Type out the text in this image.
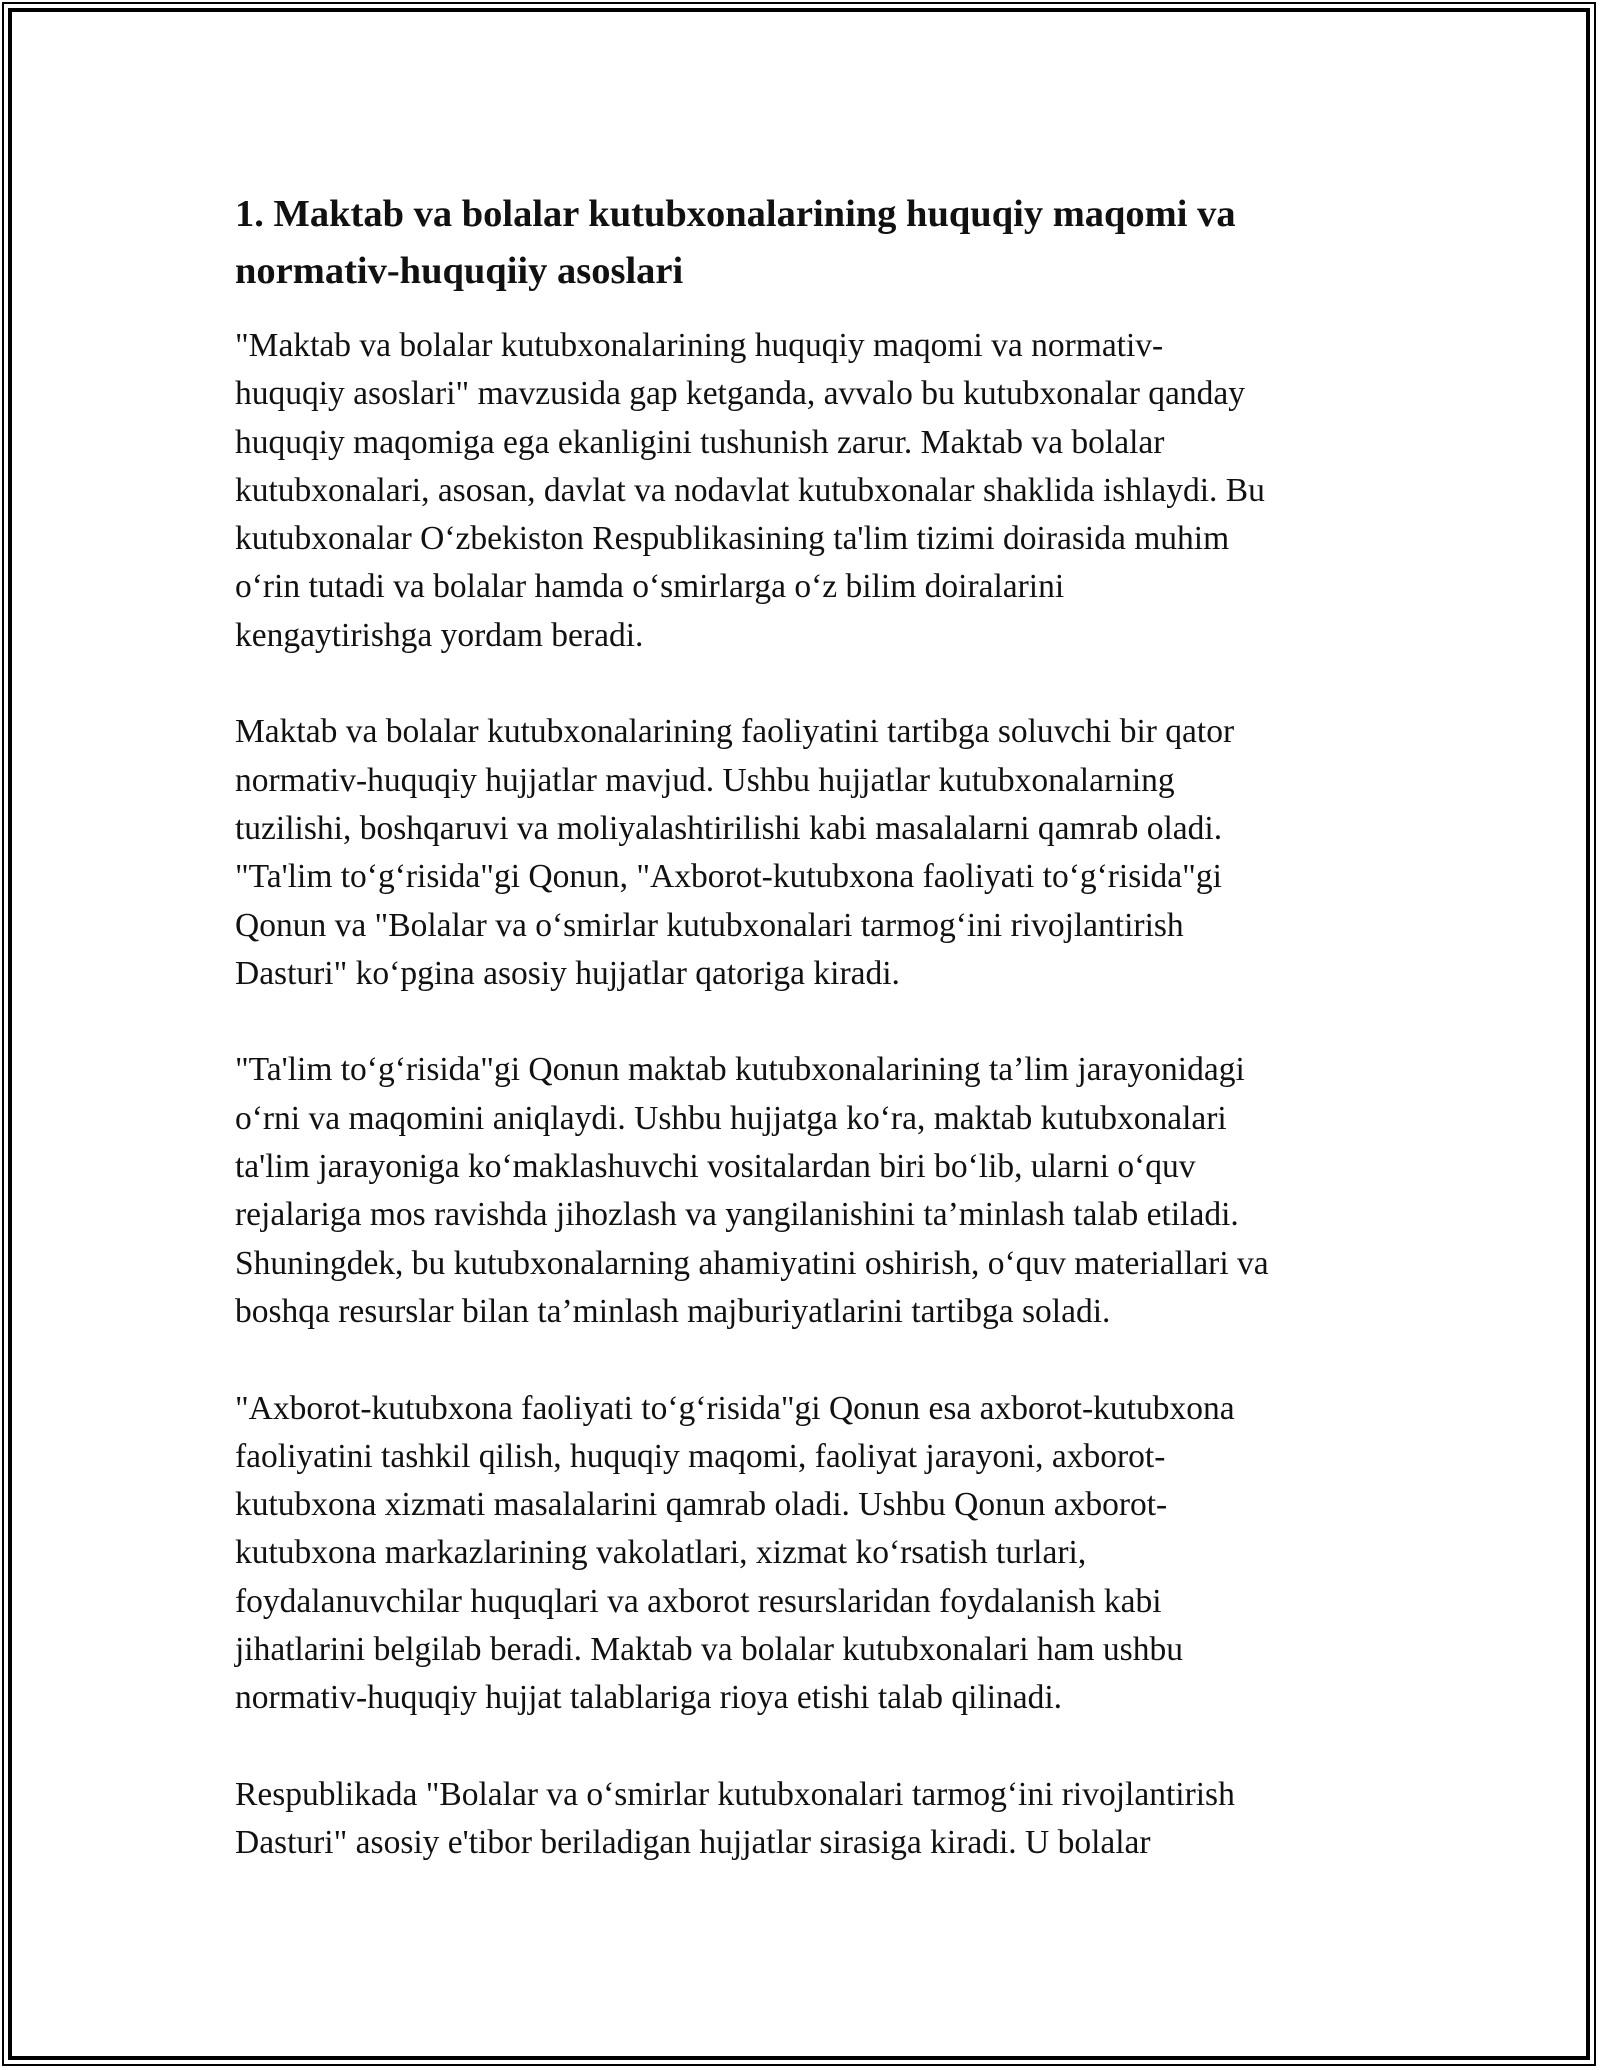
1. Maktab va bolalar kutubxonalarining huquqiy maqomi va
normativ-huquqiiy asoslari

"Maktab va bolalar kutubxonalarining huquqiy maqomi va normativ-
huquqiy asoslari" mavzusida gap ketganda, avvalo bu kutubxonalar qanday
huquqiy maqomiga ega ekanligini tushunish zarur. Maktab va bolalar
kutubxonalari, asosan, davlat va nodavlat kutubxonalar shaklida ishlaydi. Bu
kutubxonalar O‘zbekiston Respublikasining ta'lim tizimi doirasida muhim
o‘rin tutadi va bolalar hamda o‘smirlarga o‘z bilim doiralarini
kengaytirishga yordam beradi.

Maktab va bolalar kutubxonalarining faoliyatini tartibga soluvchi bir qator
normativ-huquqiy hujjatlar mavjud. Ushbu hujjatlar kutubxonalarning
tuzilishi, boshqaruvi va moliyalashtirilishi kabi masalalarni qamrab oladi.
"Ta'lim to‘g‘risida"gi Qonun, "Axborot-kutubxona faoliyati to‘g‘risida"gi
Qonun va "Bolalar va o‘smirlar kutubxonalari tarmog‘ini rivojlantirish
Dasturi" ko‘pgina asosiy hujjatlar qatoriga kiradi.

"Ta'lim to‘g‘risida"gi Qonun maktab kutubxonalarining ta’lim jarayonidagi
o‘rni va maqomini aniqlaydi. Ushbu hujjatga ko‘ra, maktab kutubxonalari
ta'lim jarayoniga ko‘maklashuvchi vositalardan biri bo‘lib, ularni o‘quv
rejalariga mos ravishda jihozlash va yangilanishini ta’minlash talab etiladi.
Shuningdek, bu kutubxonalarning ahamiyatini oshirish, o‘quv materiallari va
boshqa resurslar bilan ta’minlash majburiyatlarini tartibga soladi.

"Axborot-kutubxona faoliyati to‘g‘risida"gi Qonun esa axborot-kutubxona
faoliyatini tashkil qilish, huquqiy maqomi, faoliyat jarayoni, axborot-
kutubxona xizmati masalalarini qamrab oladi. Ushbu Qonun axborot-
kutubxona markazlarining vakolatlari, xizmat ko‘rsatish turlari,
foydalanuvchilar huquqlari va axborot resurslaridan foydalanish kabi
jihatlarini belgilab beradi. Maktab va bolalar kutubxonalari ham ushbu
normativ-huquqiy hujjat talablariga rioya etishi talab qilinadi.

Respublikada "Bolalar va o‘smirlar kutubxonalari tarmog‘ini rivojlantirish
Dasturi" asosiy e'tibor beriladigan hujjatlar sirasiga kiradi. U bolalar
